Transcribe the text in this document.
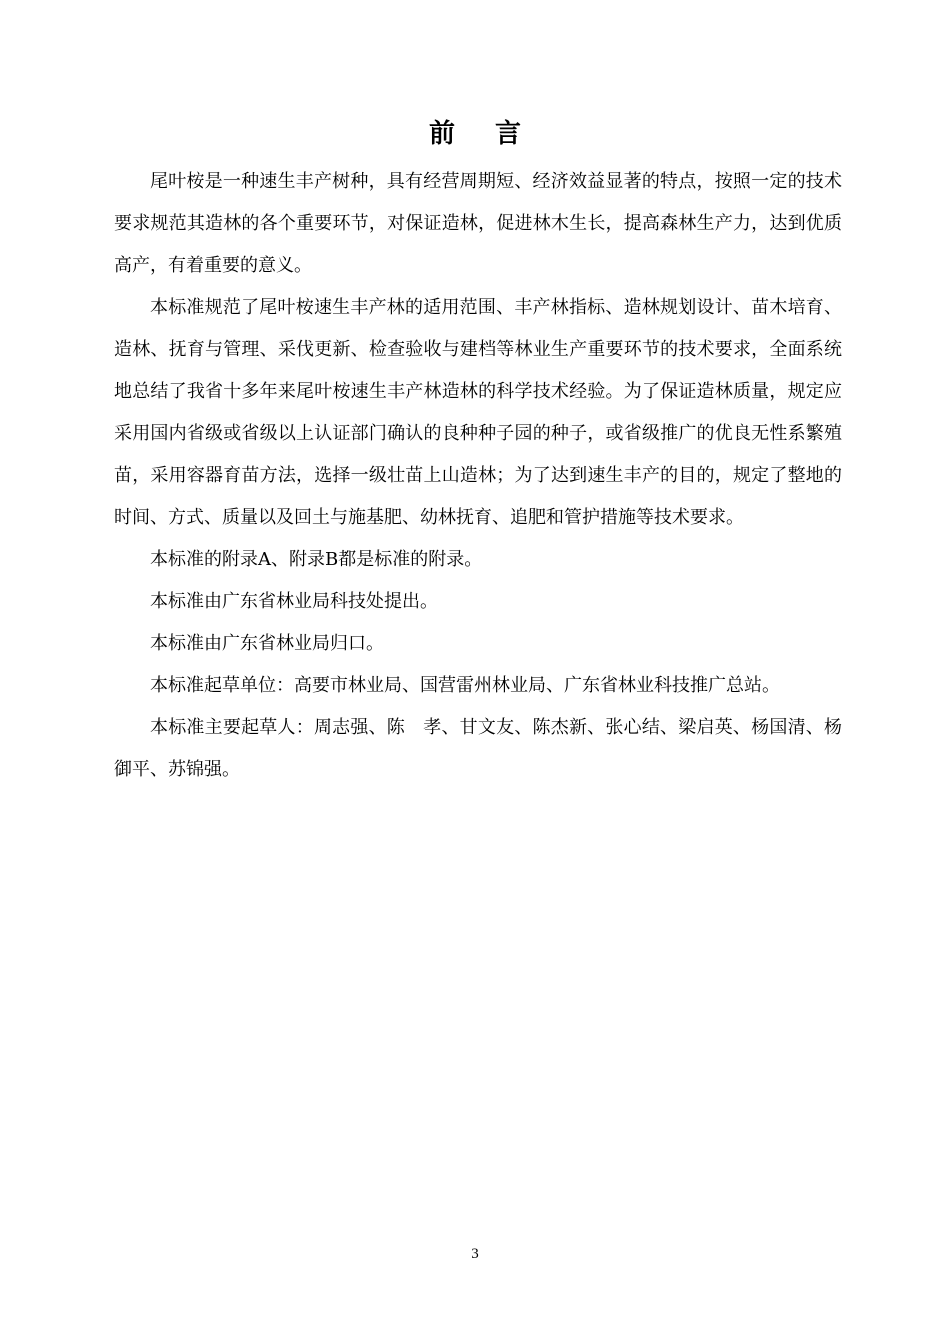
前言

尾叶桉是一种速生丰产树种，具有经营周期短、经济效益显著的特点，按照一定的技术要求规范其造林的各个重要环节，对保证造林，促进林木生长，提高森林生产力，达到优质高产，有着重要的意义。

本标准规范了尾叶桉速生丰产林的适用范围、丰产林指标、造林规划设计、苗木培育、造林、抚育与管理、采伐更新、检查验收与建档等林业生产重要环节的技术要求，全面系统地总结了我省十多年来尾叶桉速生丰产林造林的科学技术经验。为了保证造林质量，规定应采用国内省级或省级以上认证部门确认的良种种子园的种子，或省级推广的优良无性系繁殖苗，采用容器育苗方法，选择一级壮苗上山造林；为了达到速生丰产的目的，规定了整地的时间、方式、质量以及回土与施基肥、幼林抚育、追肥和管护措施等技术要求。

本标准的附录A、附录B都是标准的附录。

本标准由广东省林业局科技处提出。

本标准由广东省林业局归口。

本标准起草单位：高要市林业局、国营雷州林业局、广东省林业科技推广总站。

本标准主要起草人：周志强、陈　孝、甘文友、陈杰新、张心结、梁启英、杨国清、杨御平、苏锦强。

3
